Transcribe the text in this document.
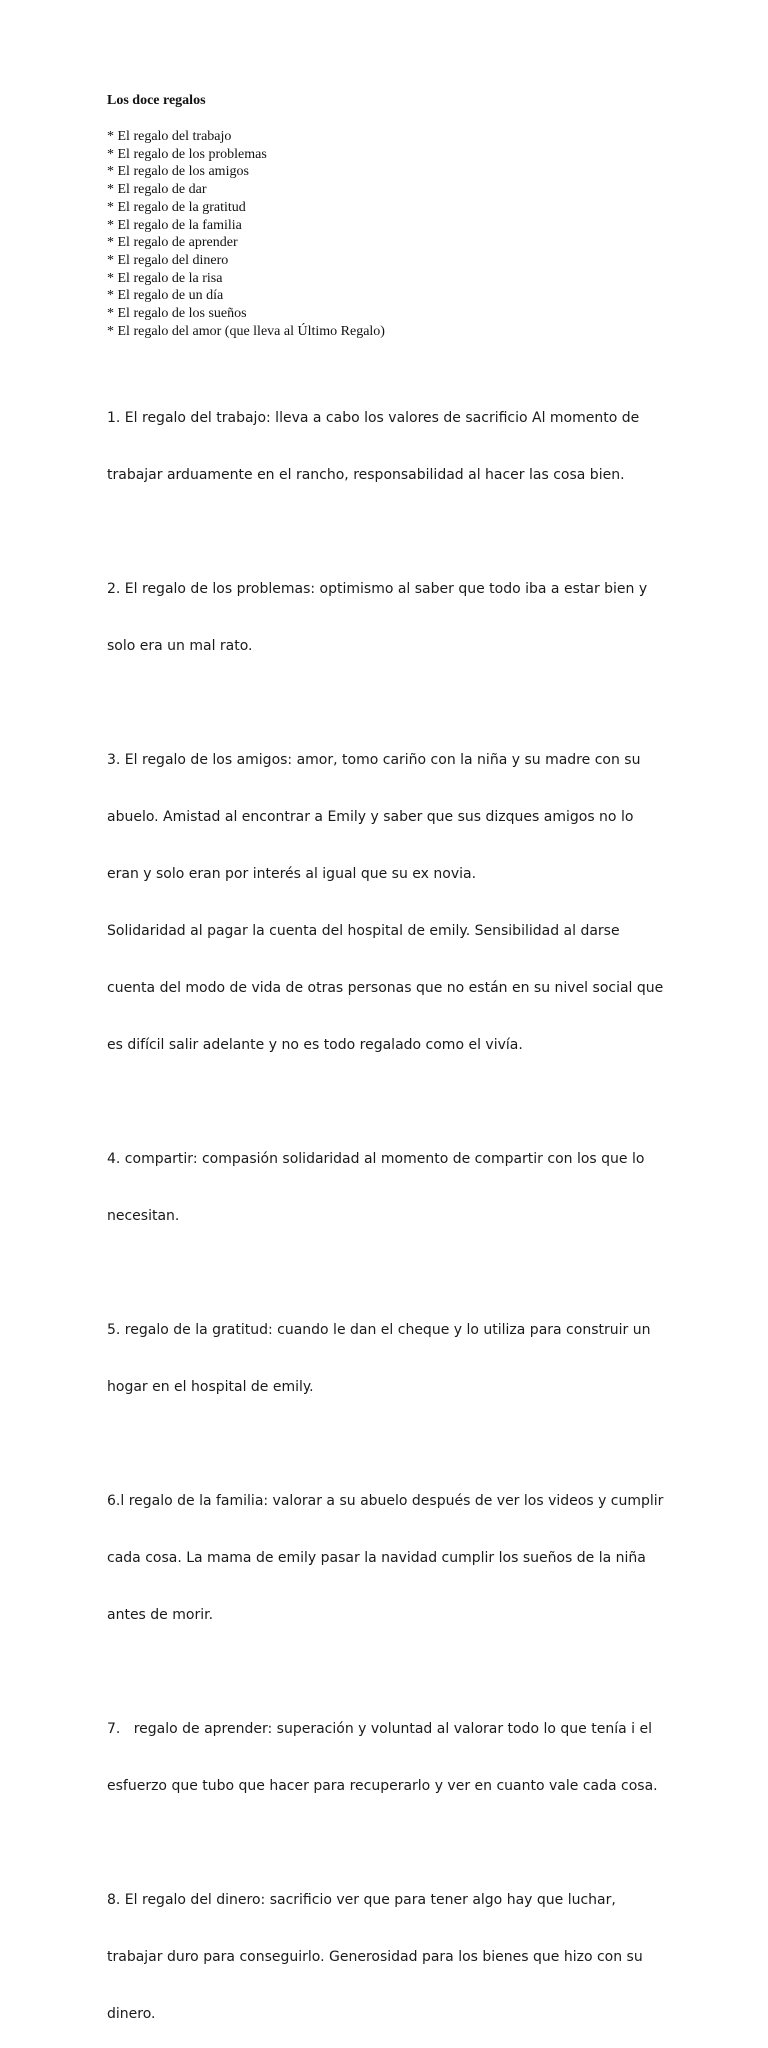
Los doce regalos
* El regalo del trabajo
* El regalo de los problemas
* El regalo de los amigos
* El regalo de dar
* El regalo de la gratitud
* El regalo de la familia
* El regalo de aprender
* El regalo del dinero
* El regalo de la risa
* El regalo de un día
* El regalo de los sueños
* El regalo del amor (que lleva al Último Regalo)

1. El regalo del trabajo: lleva a cabo los valores de sacrificio Al momento de

trabajar arduamente en el rancho, responsabilidad al hacer las cosa bien.

2. El regalo de los problemas: optimismo al saber que todo iba a estar bien y

solo era un mal rato.

3. El regalo de los amigos: amor, tomo cariño con la niña y su madre con su

abuelo. Amistad al encontrar a Emily y saber que sus dizques amigos no lo

eran y solo eran por interés al igual que su ex novia.

Solidaridad al pagar la cuenta del hospital de emily. Sensibilidad al darse

cuenta del modo de vida de otras personas que no están en su nivel social que

es difícil salir adelante y no es todo regalado como el vivía.

4. compartir: compasión solidaridad al momento de compartir con los que lo

necesitan.

5. regalo de la gratitud: cuando le dan el cheque y lo utiliza para construir un

hogar en el hospital de emily.

6.l regalo de la familia: valorar a su abuelo después de ver los videos y cumplir

cada cosa. La mama de emily pasar la navidad cumplir los sueños de la niña

antes de morir.

7.   regalo de aprender: superación y voluntad al valorar todo lo que tenía i el

esfuerzo que tubo que hacer para recuperarlo y ver en cuanto vale cada cosa.

8. El regalo del dinero: sacrificio ver que para tener algo hay que luchar,

trabajar duro para conseguirlo. Generosidad para los bienes que hizo con su

dinero.
